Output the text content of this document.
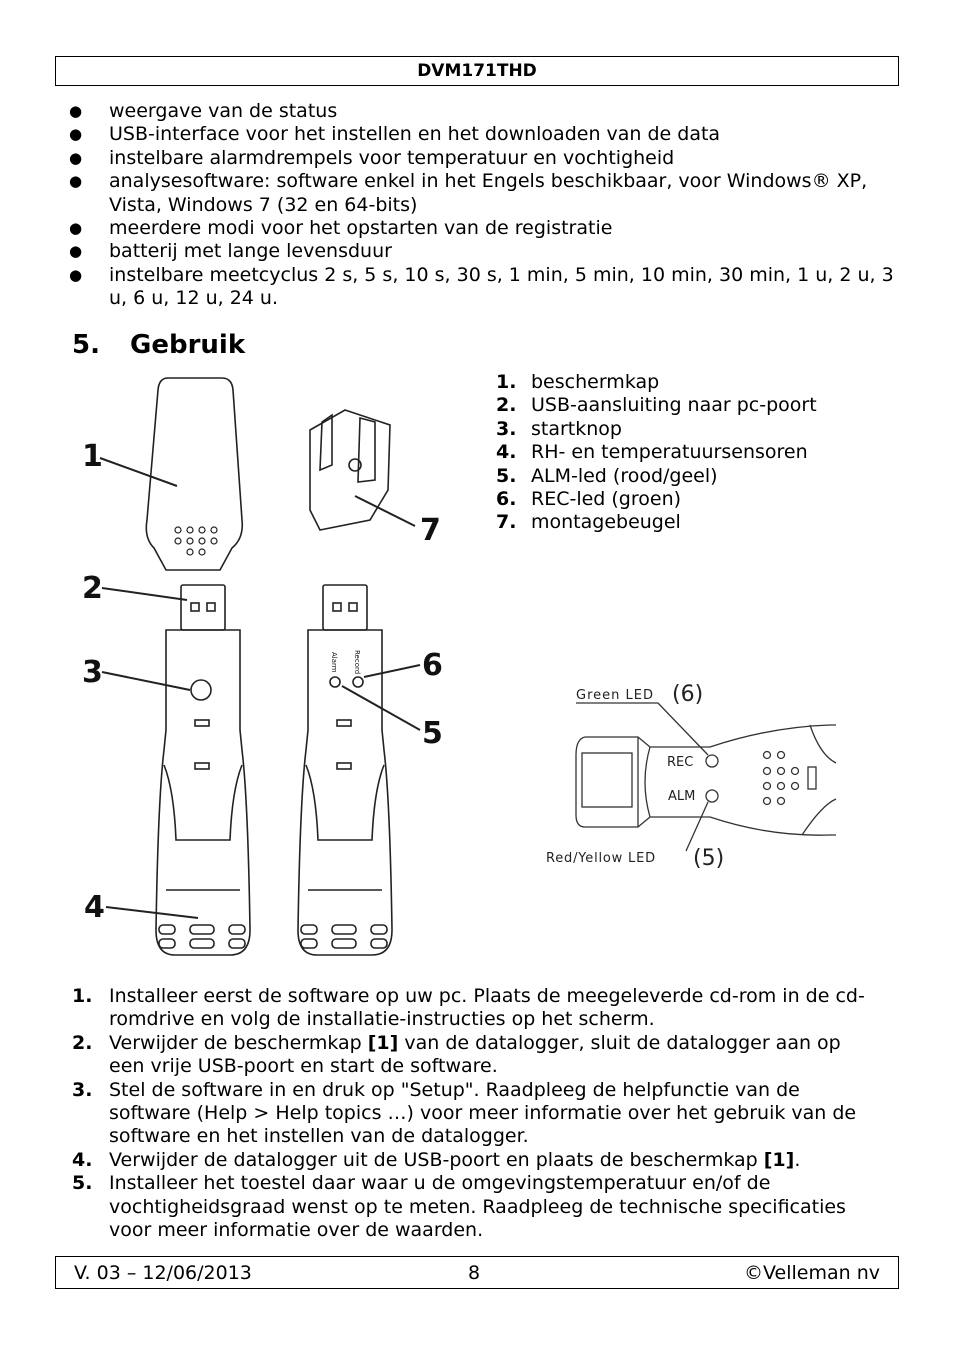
DVM171THD
● weergave van de status
● USB-interface voor het instellen en het downloaden van de data
● instelbare alarmdrempels voor temperatuur en vochtigheid
● analysesoftware: software enkel in het Engels beschikbaar, voor Windows® XP, Vista, Windows 7 (32 en 64-bits)
● meerdere modi voor het opstarten van de registratie
● batterij met lange levensduur
● instelbare meetcyclus 2 s, 5 s, 10 s, 30 s, 1 min, 5 min, 10 min, 30 min, 1 u, 2 u, 3 u, 6 u, 12 u, 24 u.
5. Gebruik
1
2
3
4
5
6
7
Alarm Record
1. beschermkap
2. USB-aansluiting naar pc-poort
3. startknop
4. RH- en temperatuursensoren
5. ALM-led (rood/geel)
6. REC-led (groen)
7. montagebeugel
Green LED (6)
REC
ALM
Red/Yellow LED (5)
1. Installeer eerst de software op uw pc. Plaats de meegeleverde cd-rom in de cd-romdrive en volg de installatie-instructies op het scherm.
2. Verwijder de beschermkap [1] van de datalogger, sluit de datalogger aan op een vrije USB-poort en start de software.
3. Stel de software in en druk op "Setup". Raadpleeg de helpfunctie van de software (Help > Help topics …) voor meer informatie over het gebruik van de software en het instellen van de datalogger.
4. Verwijder de datalogger uit de USB-poort en plaats de beschermkap [1].
5. Installeer het toestel daar waar u de omgevingstemperatuur en/of de vochtigheidsgraad wenst op te meten. Raadpleeg de technische specificaties voor meer informatie over de waarden.
V. 03 – 12/06/2013	8	©Velleman nv
